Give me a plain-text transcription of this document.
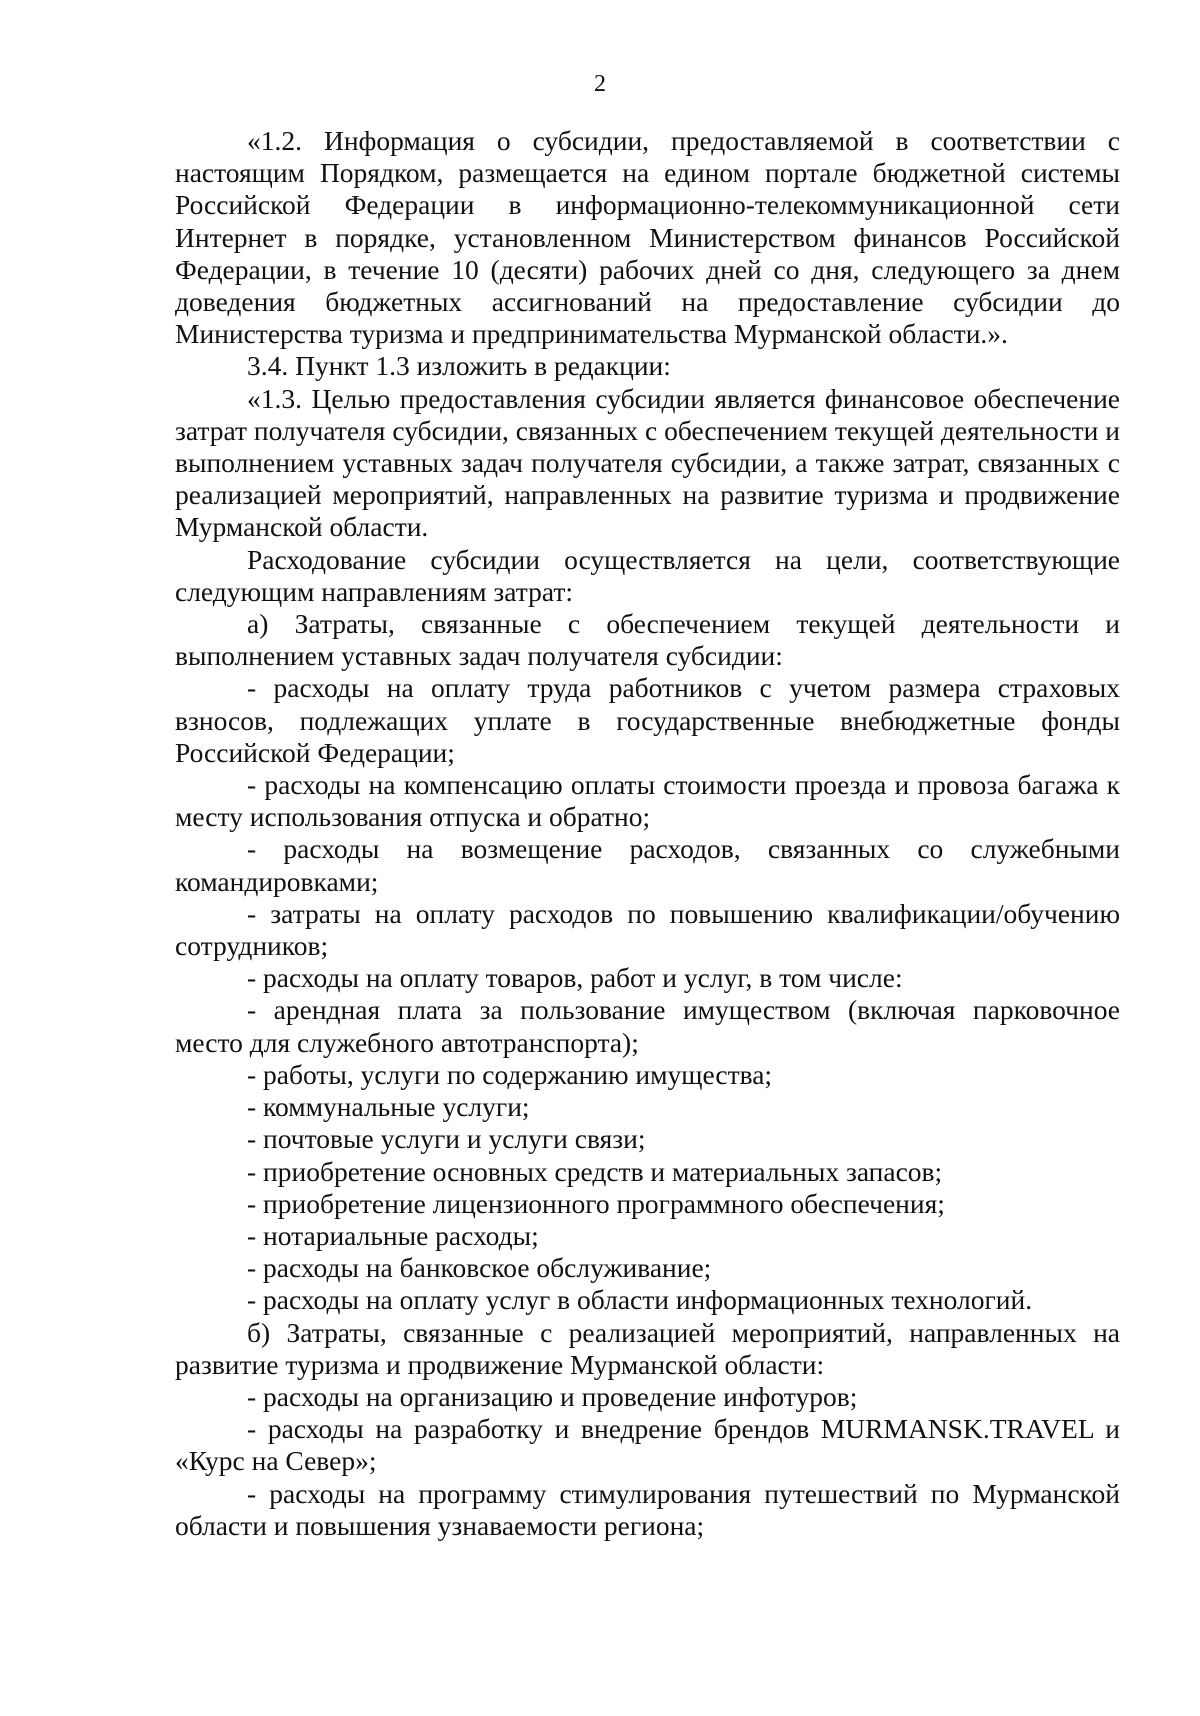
2

«1.2. Информация о субсидии, предоставляемой в соответствии с настоящим Порядком, размещается на едином портале бюджетной системы Российской Федерации в информационно-телекоммуникационной сети Интернет в порядке, установленном Министерством финансов Российской Федерации, в течение 10 (десяти) рабочих дней со дня, следующего за днем доведения бюджетных ассигнований на предоставление субсидии до Министерства туризма и предпринимательства Мурманской области.».

3.4. Пункт 1.3 изложить в редакции:

«1.3. Целью предоставления субсидии является финансовое обеспечение затрат получателя субсидии, связанных с обеспечением текущей деятельности и выполнением уставных задач получателя субсидии, а также затрат, связанных с реализацией мероприятий, направленных на развитие туризма и продвижение Мурманской области.

Расходование субсидии осуществляется на цели, соответствующие следующим направлениям затрат:

а) Затраты, связанные с обеспечением текущей деятельности и выполнением уставных задач получателя субсидии:

- расходы на оплату труда работников с учетом размера страховых взносов, подлежащих уплате в государственные внебюджетные фонды Российской Федерации;

- расходы на компенсацию оплаты стоимости проезда и провоза багажа к месту использования отпуска и обратно;

- расходы на возмещение расходов, связанных со служебными командировками;

- затраты на оплату расходов по повышению квалификации/обучению сотрудников;

- расходы на оплату товаров, работ и услуг, в том числе:

- арендная плата за пользование имуществом (включая парковочное место для служебного автотранспорта);

- работы, услуги по содержанию имущества;

- коммунальные услуги;

- почтовые услуги и услуги связи;

- приобретение основных средств и материальных запасов;

- приобретение лицензионного программного обеспечения;

- нотариальные расходы;

- расходы на банковское обслуживание;

- расходы на оплату услуг в области информационных технологий.

б) Затраты, связанные с реализацией мероприятий, направленных на развитие туризма и продвижение Мурманской области:

- расходы на организацию и проведение инфотуров;

- расходы на разработку и внедрение брендов MURMANSK.TRAVEL и «Курс на Север»;

- расходы на программу стимулирования путешествий по Мурманской области и повышения узнаваемости региона;
